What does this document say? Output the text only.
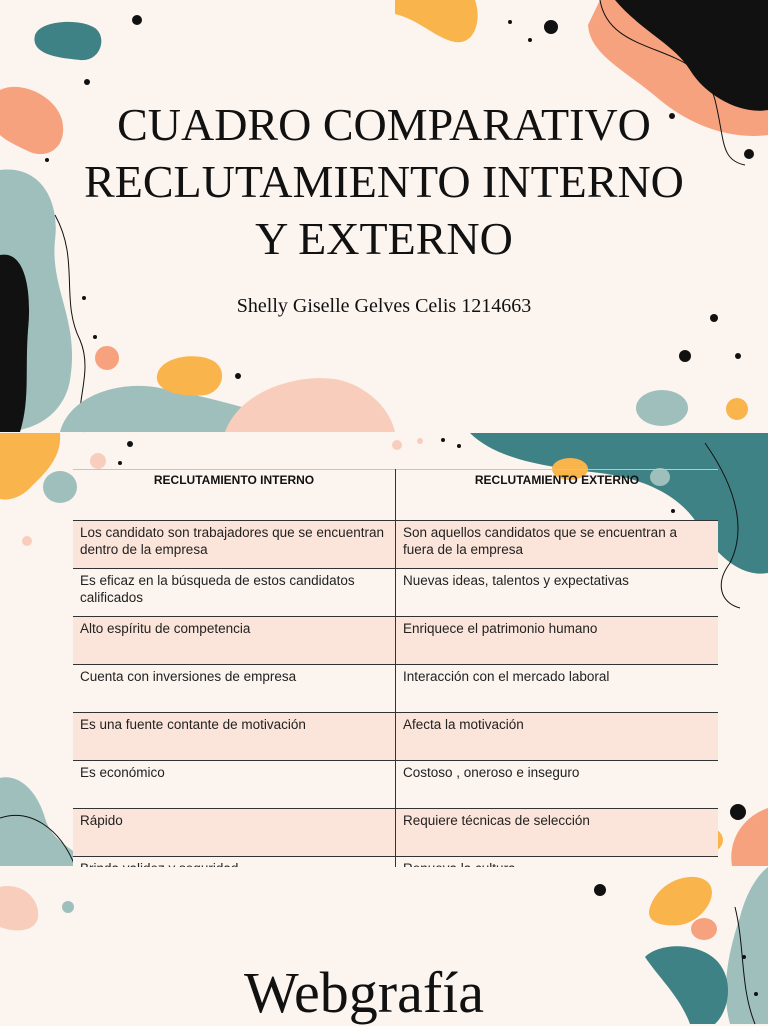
CUADRO COMPARATIVO
RECLUTAMIENTO INTERNO
Y EXTERNO
Shelly Giselle Gelves Celis 1214663
RECLUTAMIENTO INTERNO	RECLUTAMIENTO EXTERNO
Los candidato son trabajadores que se encuentran dentro de la empresa	Son aquellos candidatos que se encuentran a fuera de la empresa
Es eficaz en la búsqueda de estos candidatos calificados	Nuevas ideas, talentos y expectativas
Alto espíritu de competencia	Enriquece el patrimonio humano
Cuenta con inversiones de empresa	Interacción con el mercado laboral
Es una fuente contante de motivación	Afecta la motivación
Es económico	Costoso , oneroso e inseguro
Rápido	Requiere técnicas de selección

Webgrafía
